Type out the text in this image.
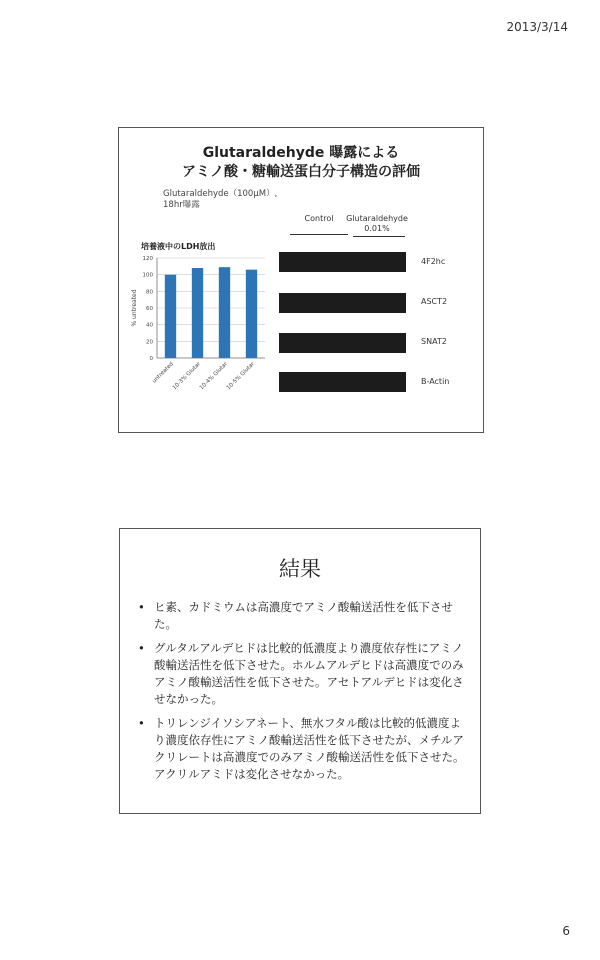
2013/3/14
Glutaraldehyde 曝露による
アミノ酸・糖輸送蛋白分子構造の評価
Glutaraldehyde（100μM）,
18hr曝露
Control	Glutaraldehyde
0.01%
4F2hc
ASCT2
SNAT2
B-Actin
培養液中のLDH放出
0
20
40
60
80
100
120
% untreated
untreated
10-3% Glutar
10-4% Glutar
10-5% Glutar
結果
• ヒ素、カドミウムは高濃度でアミノ酸輸送活性を低下させた。
• グルタルアルデヒドは比較的低濃度より濃度依存性にアミノ酸輸送活性を低下させた。ホルムアルデヒドは高濃度でのみアミノ酸輸送活性を低下させた。アセトアルデヒドは変化させなかった。
• トリレンジイソシアネート、無水フタル酸は比較的低濃度より濃度依存性にアミノ酸輸送活性を低下させたが、メチルアクリレートは高濃度でのみアミノ酸輸送活性を低下させた。アクリルアミドは変化させなかった。
6
